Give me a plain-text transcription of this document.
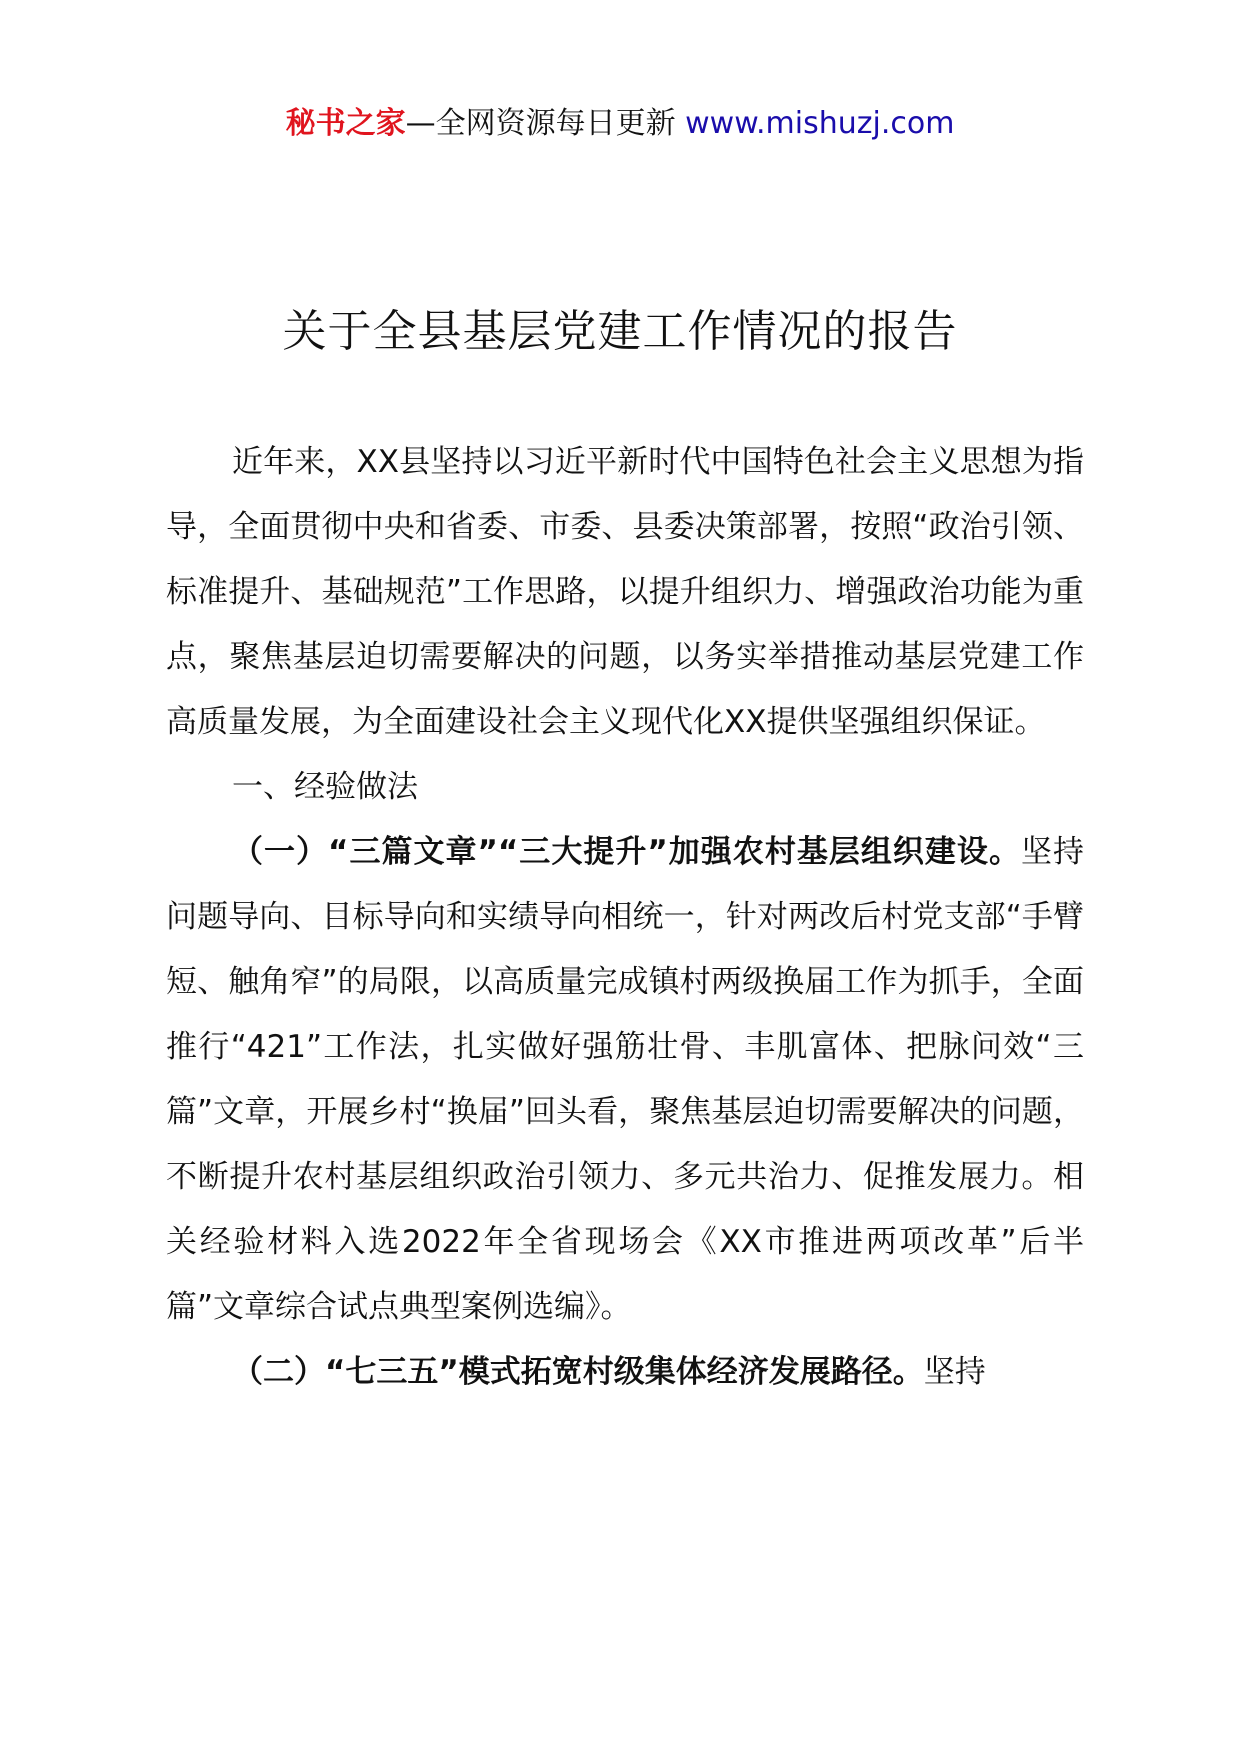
秘书之家—全网资源每日更新 www.mishuzj.com
关于全县基层党建工作情况的报告

近年来，XX县坚持以习近平新时代中国特色社会主义思想为指导，全面贯彻中央和省委、市委、县委决策部署，按照“政治引领、标准提升、基础规范”工作思路，以提升组织力、增强政治功能为重点，聚焦基层迫切需要解决的问题，以务实举措推动基层党建工作高质量发展，为全面建设社会主义现代化XX提供坚强组织保证。

一、经验做法

（一）“三篇文章”“三大提升”加强农村基层组织建设。坚持问题导向、目标导向和实绩导向相统一，针对两改后村党支部“手臂短、触角窄”的局限，以高质量完成镇村两级换届工作为抓手，全面推行“421”工作法，扎实做好强筋壮骨、丰肌富体、把脉问效“三篇”文章，开展乡村“换届”回头看，聚焦基层迫切需要解决的问题，不断提升农村基层组织政治引领力、多元共治力、促推发展力。相关经验材料入选2022年全省现场会《XX市推进两项改革”后半篇”文章综合试点典型案例选编》。

（二）“七三五”模式拓宽村级集体经济发展路径。坚持
